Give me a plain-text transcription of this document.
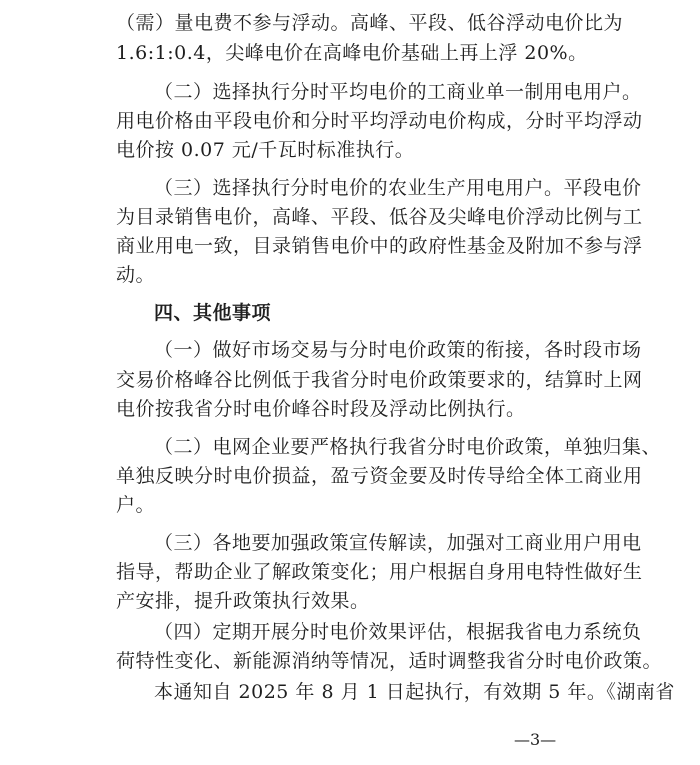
（需）量电费不参与浮动。高峰、平段、低谷浮动电价比为
1.6:1:0.4，尖峰电价在高峰电价基础上再上浮 20%。
（二）选择执行分时平均电价的工商业单一制用电用户。
用电价格由平段电价和分时平均浮动电价构成，分时平均浮动
电价按 0.07 元/千瓦时标准执行。
（三）选择执行分时电价的农业生产用电用户。平段电价
为目录销售电价，高峰、平段、低谷及尖峰电价浮动比例与工
商业用电一致，目录销售电价中的政府性基金及附加不参与浮
动。
四、其他事项
（一）做好市场交易与分时电价政策的衔接，各时段市场
交易价格峰谷比例低于我省分时电价政策要求的，结算时上网
电价按我省分时电价峰谷时段及浮动比例执行。
（二）电网企业要严格执行我省分时电价政策，单独归集、
单独反映分时电价损益，盈亏资金要及时传导给全体工商业用
户。
（三）各地要加强政策宣传解读，加强对工商业用户用电
指导，帮助企业了解政策变化；用户根据自身用电特性做好生
产安排，提升政策执行效果。
（四）定期开展分时电价效果评估，根据我省电力系统负
荷特性变化、新能源消纳等情况，适时调整我省分时电价政策。
本通知自 2025 年 8 月 1 日起执行，有效期 5 年。《湖南省
—3—
